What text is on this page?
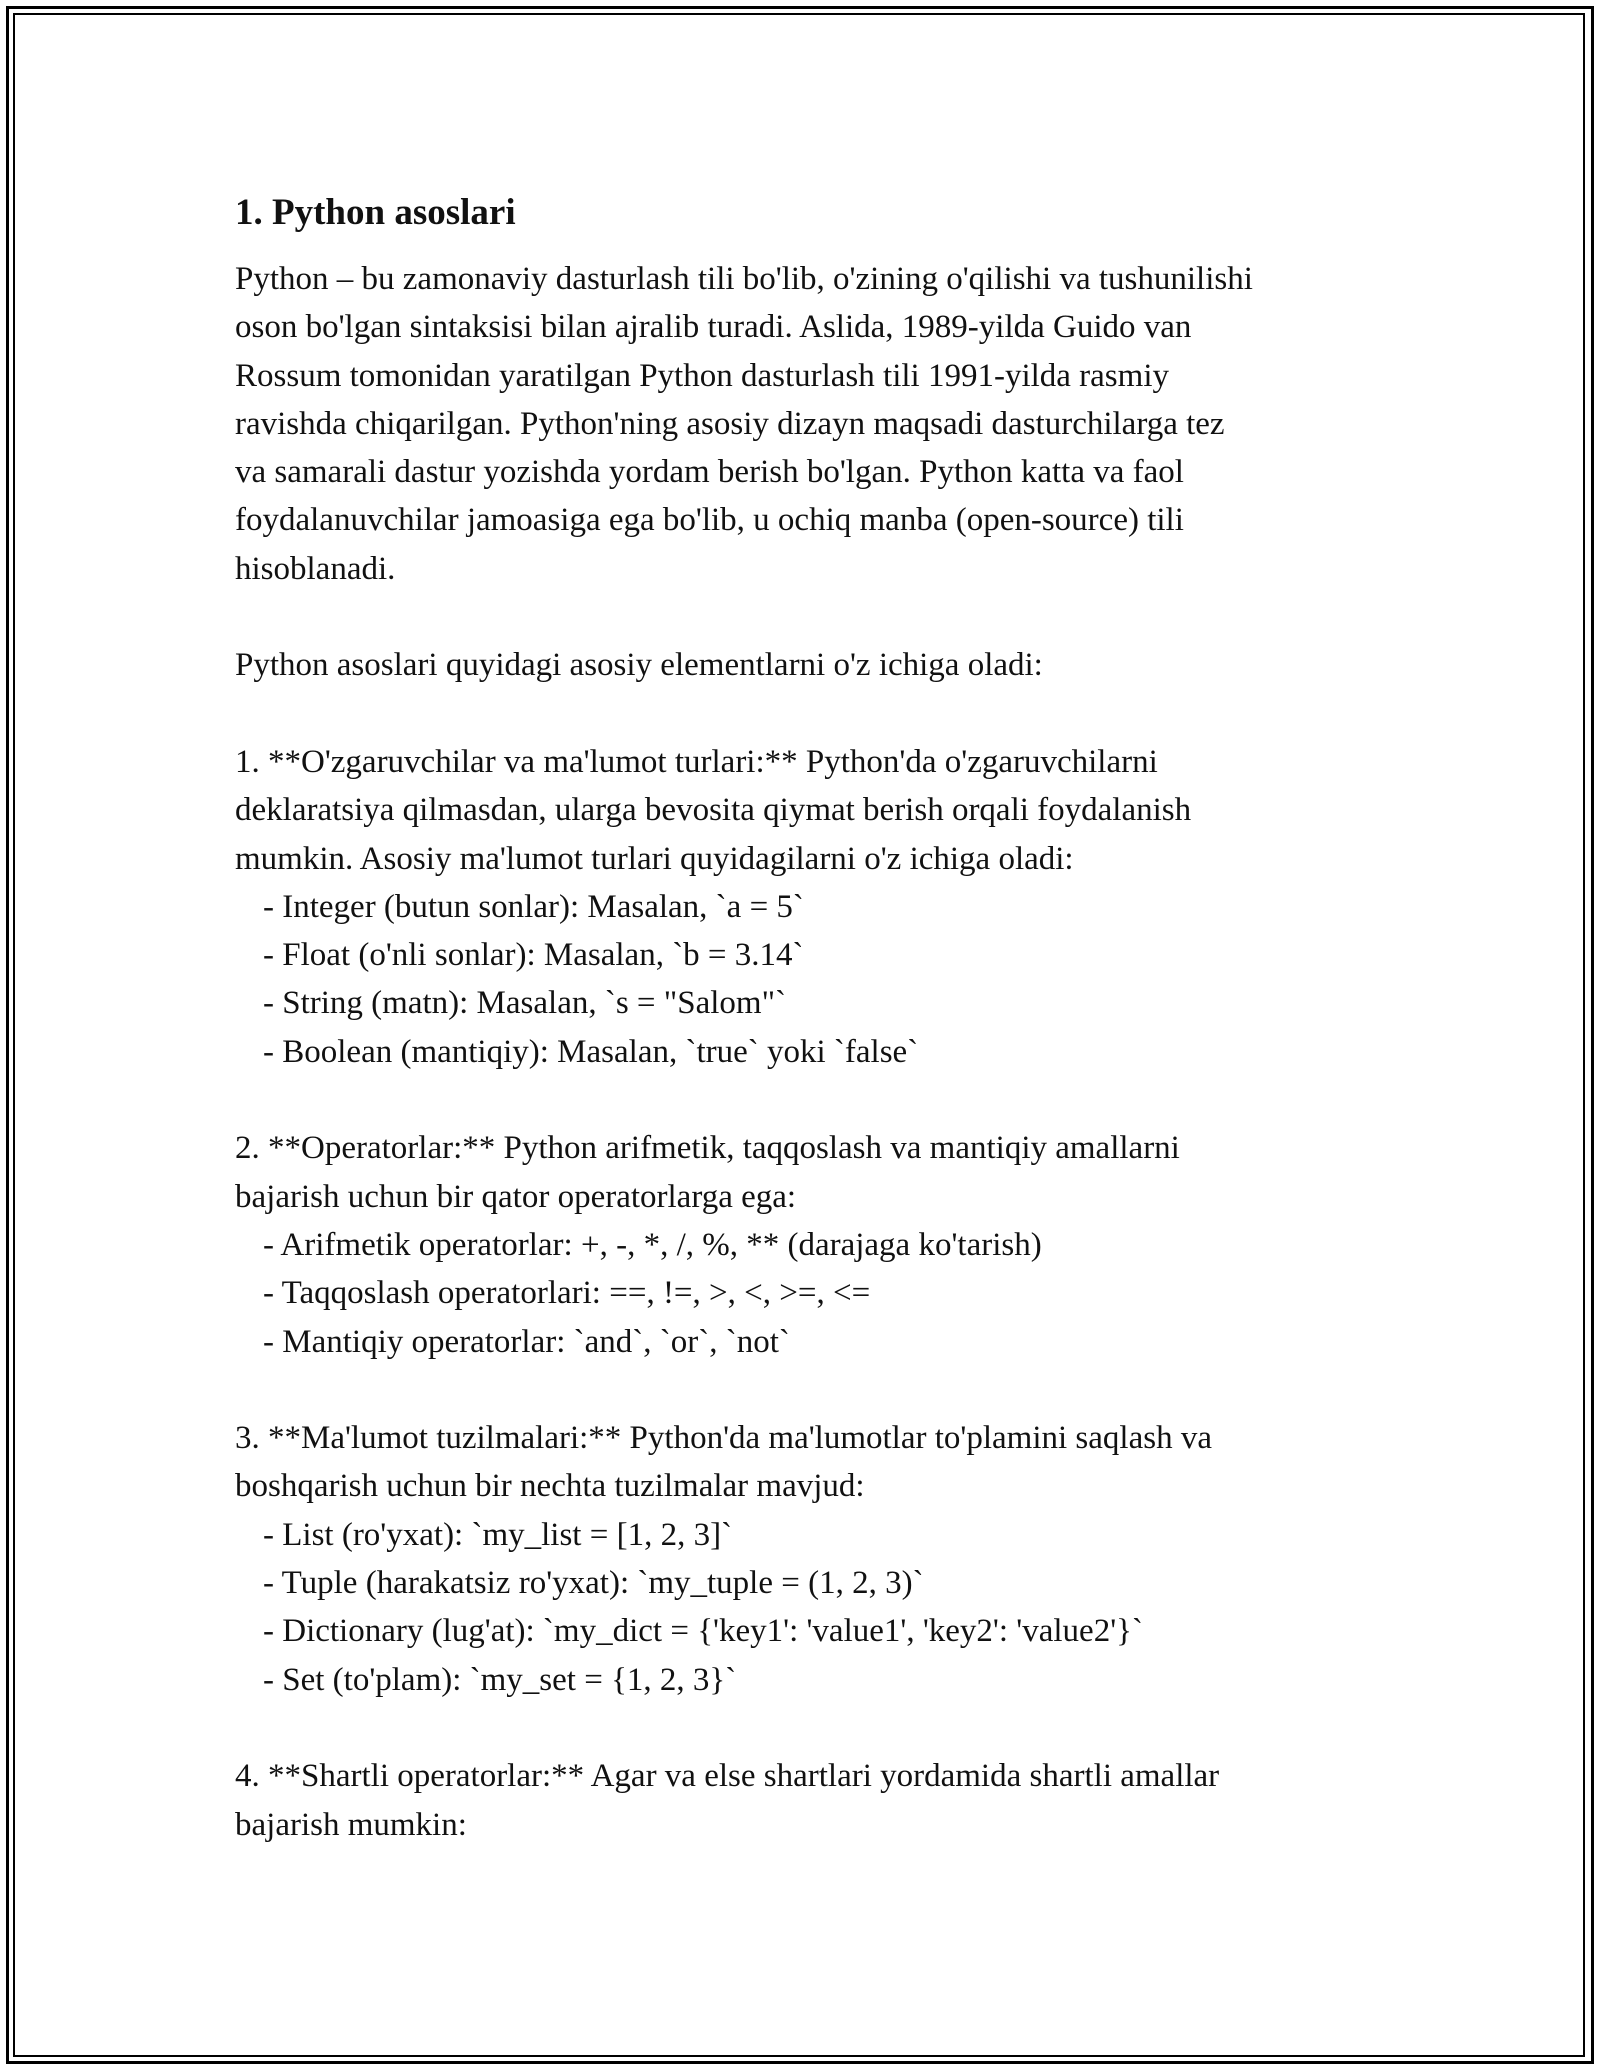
1. Python asoslari
Python – bu zamonaviy dasturlash tili bo'lib, o'zining o'qilishi va tushunilishi
oson bo'lgan sintaksisi bilan ajralib turadi. Aslida, 1989-yilda Guido van
Rossum tomonidan yaratilgan Python dasturlash tili 1991-yilda rasmiy
ravishda chiqarilgan. Python'ning asosiy dizayn maqsadi dasturchilarga tez
va samarali dastur yozishda yordam berish bo'lgan. Python katta va faol
foydalanuvchilar jamoasiga ega bo'lib, u ochiq manba (open-source) tili
hisoblanadi.
Python asoslari quyidagi asosiy elementlarni o'z ichiga oladi:
1. **O'zgaruvchilar va ma'lumot turlari:** Python'da o'zgaruvchilarni
deklaratsiya qilmasdan, ularga bevosita qiymat berish orqali foydalanish
mumkin. Asosiy ma'lumot turlari quyidagilarni o'z ichiga oladi:
- Integer (butun sonlar): Masalan, `a = 5`
- Float (o'nli sonlar): Masalan, `b = 3.14`
- String (matn): Masalan, `s = "Salom"`
- Boolean (mantiqiy): Masalan, `true` yoki `false`
2. **Operatorlar:** Python arifmetik, taqqoslash va mantiqiy amallarni
bajarish uchun bir qator operatorlarga ega:
- Arifmetik operatorlar: +, -, *, /, %, ** (darajaga ko'tarish)
- Taqqoslash operatorlari: ==, !=, >, <, >=, <=
- Mantiqiy operatorlar: `and`, `or`, `not`
3. **Ma'lumot tuzilmalari:** Python'da ma'lumotlar to'plamini saqlash va
boshqarish uchun bir nechta tuzilmalar mavjud:
- List (ro'yxat): `my_list = [1, 2, 3]`
- Tuple (harakatsiz ro'yxat): `my_tuple = (1, 2, 3)`
- Dictionary (lug'at): `my_dict = {'key1': 'value1', 'key2': 'value2'}`
- Set (to'plam): `my_set = {1, 2, 3}`
4. **Shartli operatorlar:** Agar va else shartlari yordamida shartli amallar
bajarish mumkin:
